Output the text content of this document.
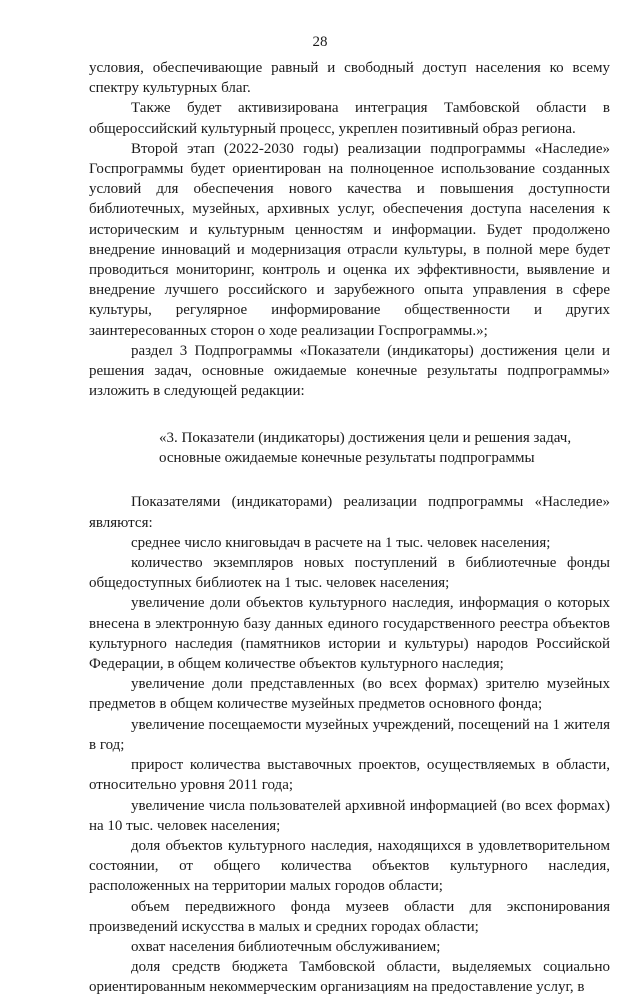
28

условия, обеспечивающие равный и свободный доступ населения ко всему спектру культурных благ.

Также будет активизирована интеграция Тамбовской области в общероссийский культурный процесс, укреплен позитивный образ региона.

Второй этап (2022-2030 годы) реализации подпрограммы «Наследие» Госпрограммы будет ориентирован на полноценное использование созданных условий для обеспечения нового качества и повышения доступности библиотечных, музейных, архивных услуг, обеспечения доступа населения к историческим и культурным ценностям и информации. Будет продолжено внедрение инноваций и модернизация отрасли культуры, в полной мере будет проводиться мониторинг, контроль и оценка их эффективности, выявление и внедрение лучшего российского и зарубежного опыта управления в сфере культуры, регулярное информирование общественности и других заинтересованных сторон о ходе реализации Госпрограммы.»;

раздел 3 Подпрограммы «Показатели (индикаторы) достижения цели и решения задач, основные ожидаемые конечные результаты подпрограммы» изложить в следующей редакции:

«3. Показатели (индикаторы) достижения цели и решения задач,
основные ожидаемые конечные результаты подпрограммы

Показателями (индикаторами) реализации подпрограммы «Наследие» являются:

среднее число книговыдач в расчете на 1 тыс. человек населения;

количество экземпляров новых поступлений в библиотечные фонды общедоступных библиотек на 1 тыс. человек населения;

увеличение доли объектов культурного наследия, информация о которых внесена в электронную базу данных единого государственного реестра объектов культурного наследия (памятников истории и культуры) народов Российской Федерации, в общем количестве объектов культурного наследия;

увеличение доли представленных (во всех формах) зрителю музейных предметов в общем количестве музейных предметов основного фонда;

увеличение посещаемости музейных учреждений, посещений на 1 жителя в год;

прирост количества выставочных проектов, осуществляемых в области, относительно уровня 2011 года;

увеличение числа пользователей архивной информацией (во всех формах) на 10 тыс. человек населения;

доля объектов культурного наследия, находящихся в удовлетворительном состоянии, от общего количества объектов культурного наследия, расположенных на территории малых городов области;

объем передвижного фонда музеев области для экспонирования произведений искусства в малых и средних городах области;

охват населения библиотечным обслуживанием;

доля средств бюджета Тамбовской области, выделяемых социально ориентированным некоммерческим организациям на предоставление услуг, в
